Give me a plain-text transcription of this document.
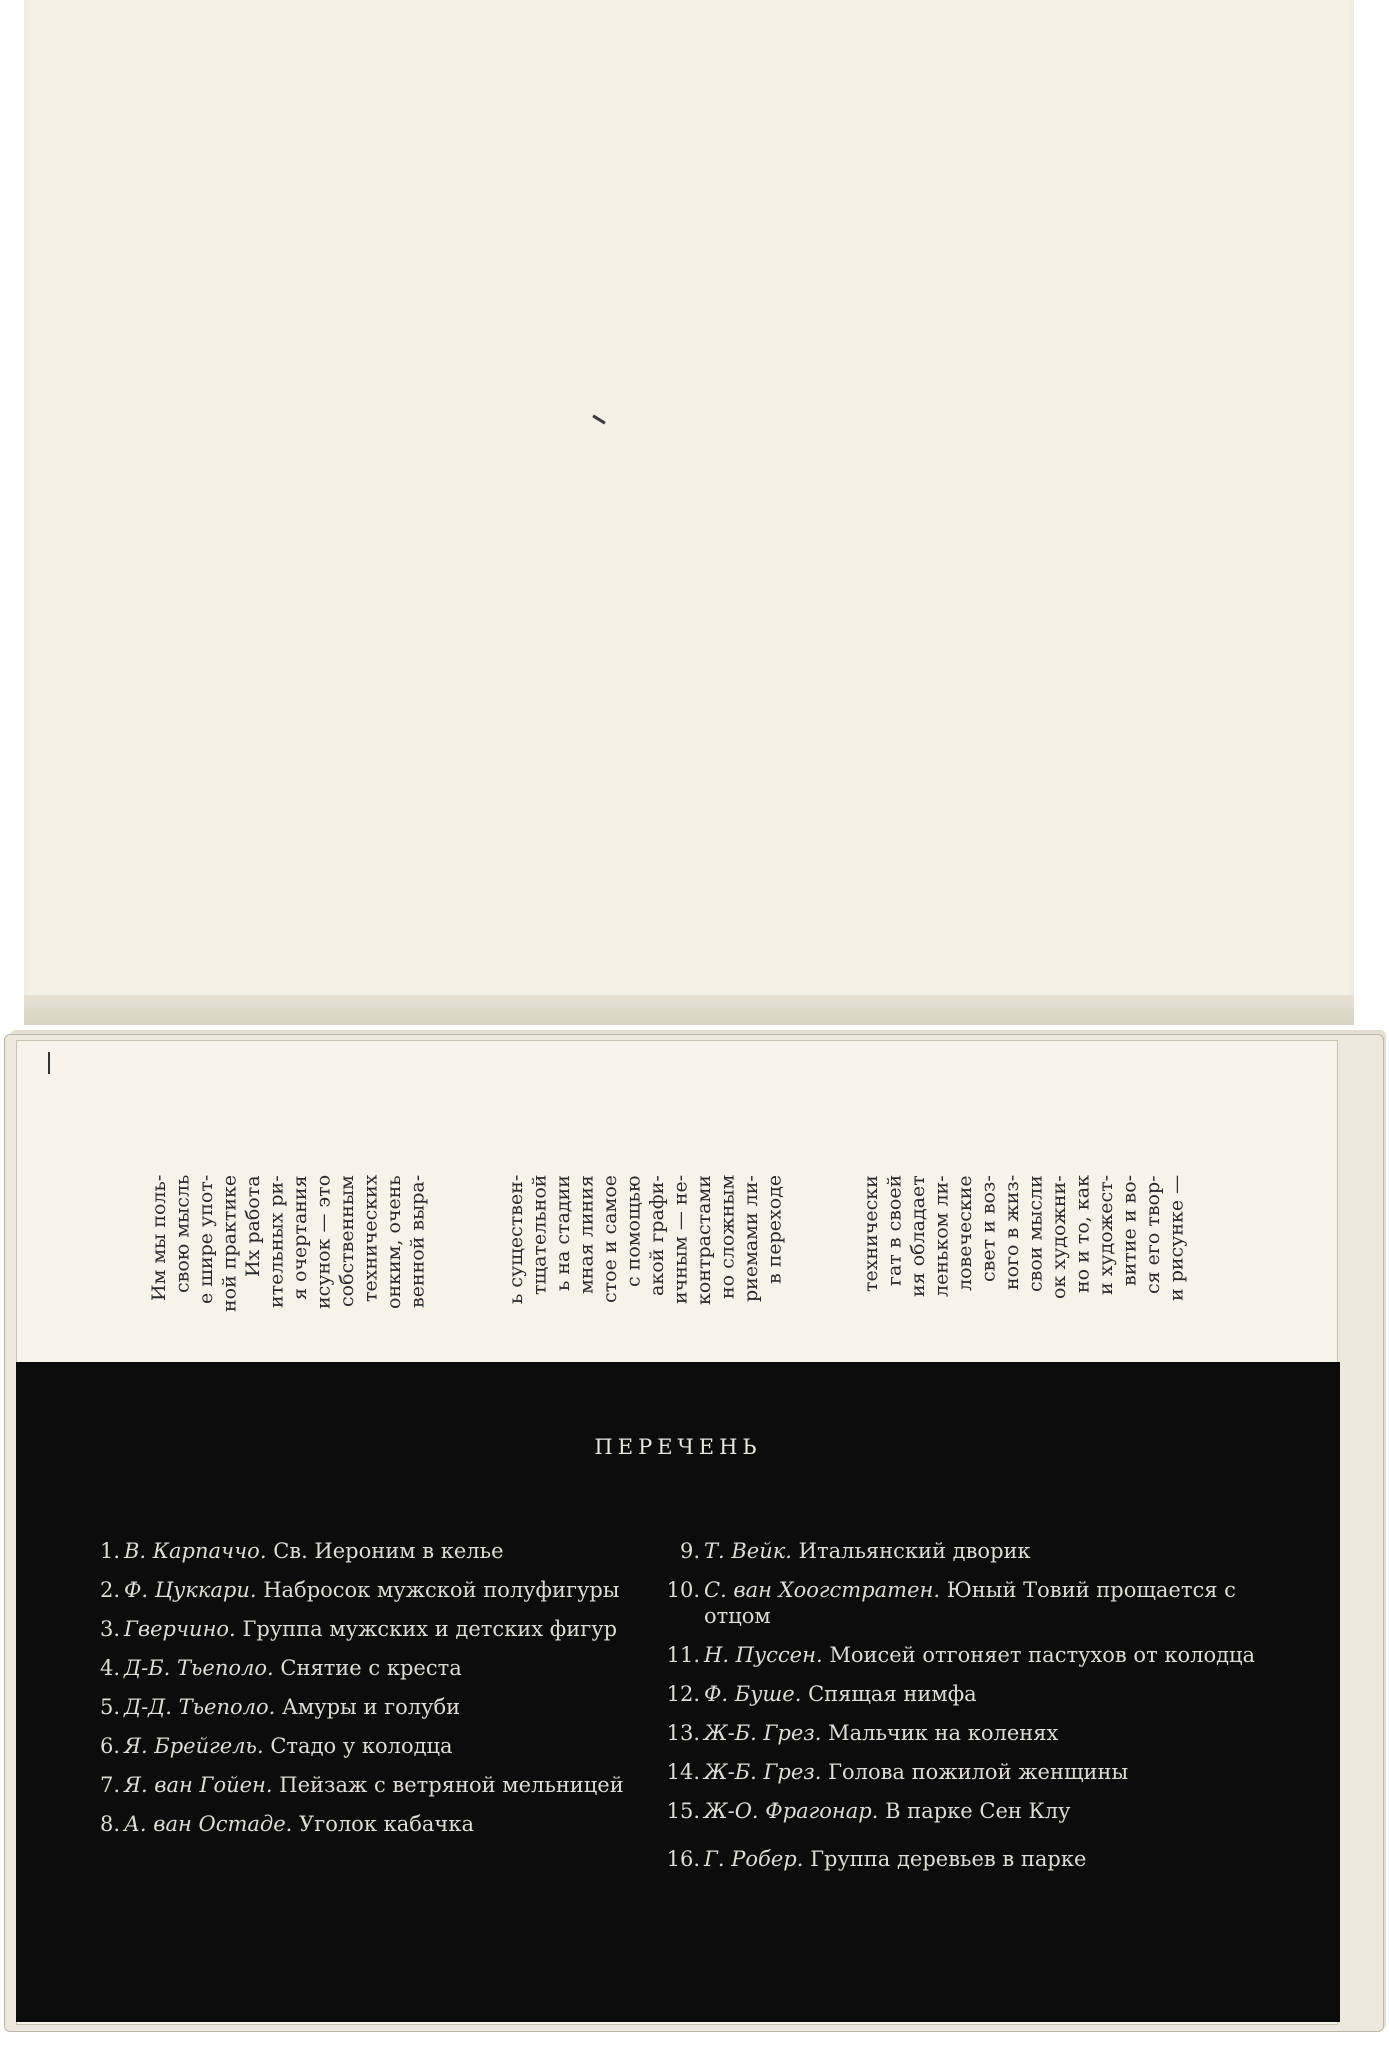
Им мы поль-
свою мысль
е шире упот-
ной практике
Их работа
ительных ри-
я очертания
исунок — это
собственным
технических
онким, очень
венной выра-
ь существен-
тщательной
ь на стадии
мная линия
стое и самое
с помощью
акой графи-
ичным — не-
контрастами
но сложным
риемами ли-
в переходе	технически
гат в своей
ия обладает
леньком ли-
ловеческие
свет и воз-
ного в жиз-
свои мысли
ок художни-
но и то, как
и художест-
витие и во-
ся его твор-
и рисунке —
ПЕРЕЧЕНЬ
1. В. Карпаччо. Св. Иероним в келье
2. Ф. Цуккари. Набросок мужской полуфигуры
3. Гверчино. Группа мужских и детских фигур
4. Д-Б. Тьеполо. Снятие с креста
5. Д-Д. Тьеполо. Амуры и голуби
6. Я. Брейгель. Стадо у колодца
7. Я. ван Гойен. Пейзаж с ветряной мельницей
8. А. ван Остаде. Уголок кабачка
9. Т. Вейк. Итальянский дворик
10. С. ван Хоогстратен. Юный Товий прощается с отцом
11. Н. Пуссен. Моисей отгоняет пастухов от колодца
12. Ф. Буше. Спящая нимфа
13. Ж-Б. Грез. Мальчик на коленях
14. Ж-Б. Грез. Голова пожилой женщины
15. Ж-О. Фрагонар. В парке Сен Клу
16. Г. Робер. Группа деревьев в парке
